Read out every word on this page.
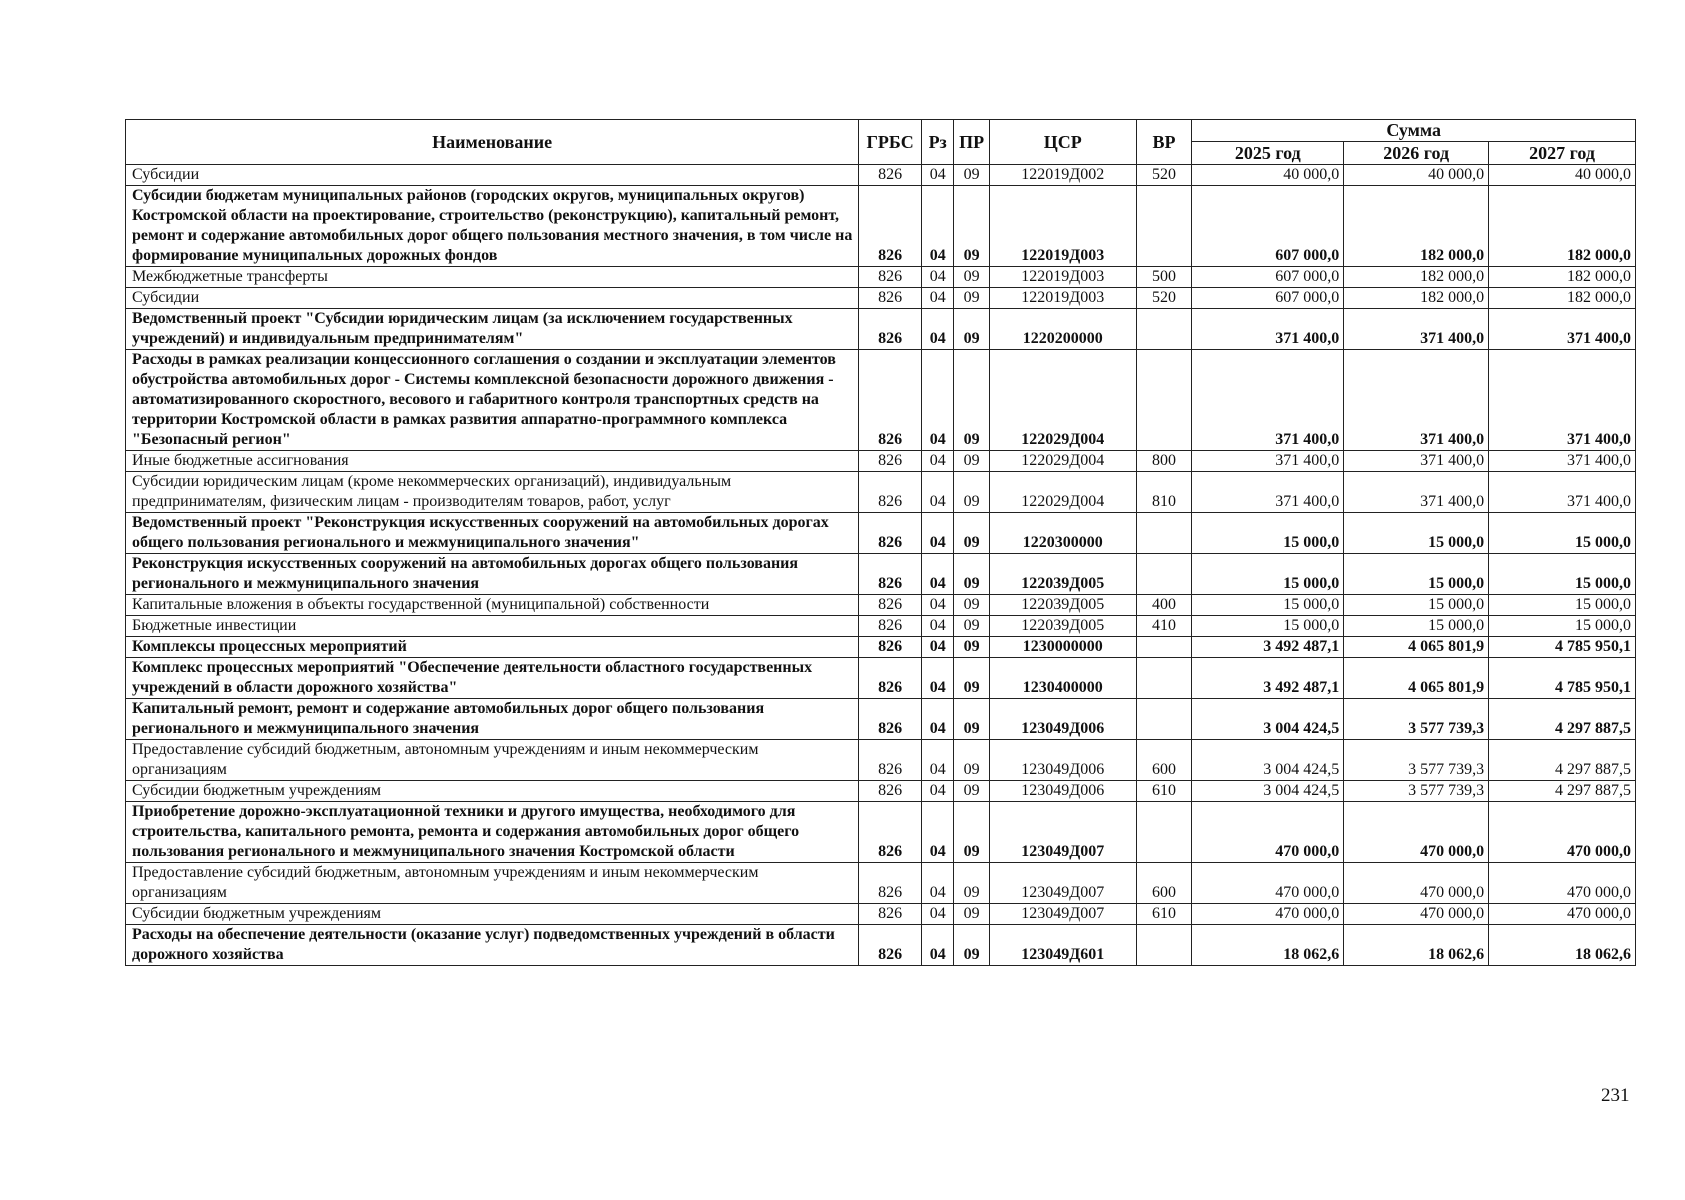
Наименование	ГРБС	Рз	ПР	ЦСР	ВР	Сумма		
						2025 год	2026 год	2027 год
Субсидии	826	04	09	122019Д002	520	40 000,0	40 000,0	40 000,0
Субсидии бюджетам муниципальных районов (городских округов, муниципальных округов) Костромской области на проектирование, строительство (реконструкцию), капитальный ремонт, ремонт и содержание автомобильных дорог общего пользования местного значения, в том числе на формирование муниципальных дорожных фондов	826	04	09	122019Д003		607 000,0	182 000,0	182 000,0
Межбюджетные трансферты	826	04	09	122019Д003	500	607 000,0	182 000,0	182 000,0
Субсидии	826	04	09	122019Д003	520	607 000,0	182 000,0	182 000,0
Ведомственный проект "Субсидии юридическим лицам (за исключением государственных учреждений) и индивидуальным предпринимателям"	826	04	09	1220200000		371 400,0	371 400,0	371 400,0
Расходы в рамках реализации концессионного соглашения о создании и эксплуатации элементов обустройства автомобильных дорог - Системы комплексной безопасности дорожного движения - автоматизированного скоростного, весового и габаритного контроля транспортных средств на территории Костромской области в рамках развития аппаратно-программного комплекса "Безопасный регион"	826	04	09	122029Д004		371 400,0	371 400,0	371 400,0
Иные бюджетные ассигнования	826	04	09	122029Д004	800	371 400,0	371 400,0	371 400,0
Субсидии юридическим лицам (кроме некоммерческих организаций), индивидуальным предпринимателям, физическим лицам - производителям товаров, работ, услуг	826	04	09	122029Д004	810	371 400,0	371 400,0	371 400,0
Ведомственный проект "Реконструкция искусственных сооружений на автомобильных дорогах общего пользования регионального и межмуниципального значения"	826	04	09	1220300000		15 000,0	15 000,0	15 000,0
Реконструкция искусственных сооружений на автомобильных дорогах общего пользования регионального и межмуниципального значения	826	04	09	122039Д005		15 000,0	15 000,0	15 000,0
Капитальные вложения в объекты государственной (муниципальной) собственности	826	04	09	122039Д005	400	15 000,0	15 000,0	15 000,0
Бюджетные инвестиции	826	04	09	122039Д005	410	15 000,0	15 000,0	15 000,0
Комплексы процессных мероприятий	826	04	09	1230000000		3 492 487,1	4 065 801,9	4 785 950,1
Комплекс процессных мероприятий "Обеспечение деятельности областного государственных учреждений в области дорожного хозяйства"	826	04	09	1230400000		3 492 487,1	4 065 801,9	4 785 950,1
Капитальный ремонт, ремонт и содержание автомобильных дорог общего пользования регионального и межмуниципального значения	826	04	09	123049Д006		3 004 424,5	3 577 739,3	4 297 887,5
Предоставление субсидий бюджетным, автономным учреждениям и иным некоммерческим организациям	826	04	09	123049Д006	600	3 004 424,5	3 577 739,3	4 297 887,5
Субсидии бюджетным учреждениям	826	04	09	123049Д006	610	3 004 424,5	3 577 739,3	4 297 887,5
Приобретение дорожно-эксплуатационной техники и другого имущества, необходимого для строительства, капитального ремонта, ремонта и содержания автомобильных дорог общего пользования регионального и межмуниципального значения Костромской области	826	04	09	123049Д007		470 000,0	470 000,0	470 000,0
Предоставление субсидий бюджетным, автономным учреждениям и иным некоммерческим организациям	826	04	09	123049Д007	600	470 000,0	470 000,0	470 000,0
Субсидии бюджетным учреждениям	826	04	09	123049Д007	610	470 000,0	470 000,0	470 000,0
Расходы на обеспечение деятельности (оказание услуг) подведомственных учреждений в области дорожного хозяйства	826	04	09	123049Д601		18 062,6	18 062,6	18 062,6
231
